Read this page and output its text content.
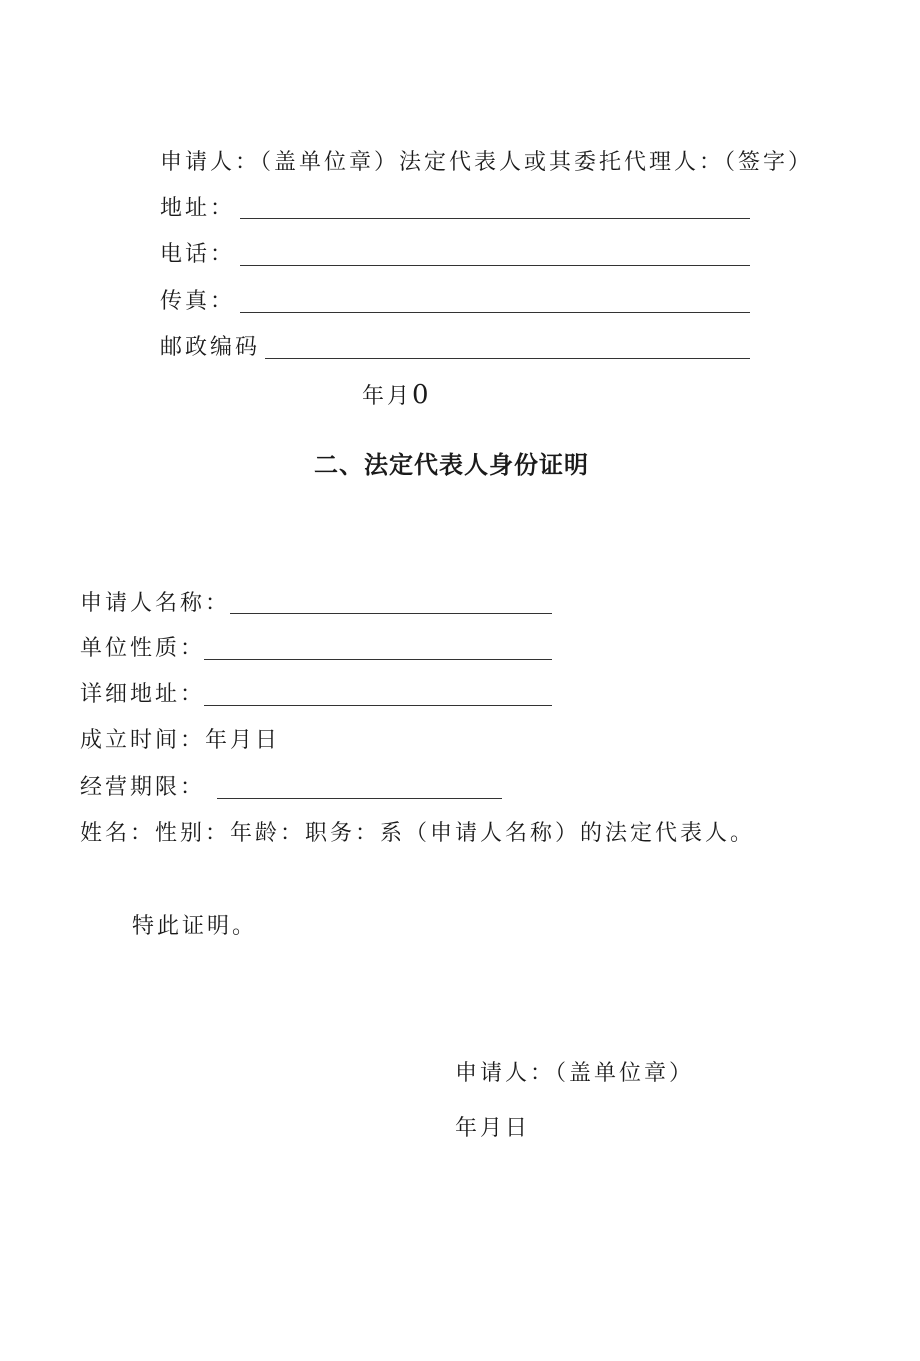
申请人：（盖单位章）法定代表人或其委托代理人：（签字）
地址：
电话：
传真：
邮政编码
年月0
二、法定代表人身份证明
申请人名称：
单位性质：
详细地址：
成立时间：年月日
经营期限：
姓名：性别：年龄：职务：系（申请人名称）的法定代表人。
特此证明。
申请人：（盖单位章）
年月日
